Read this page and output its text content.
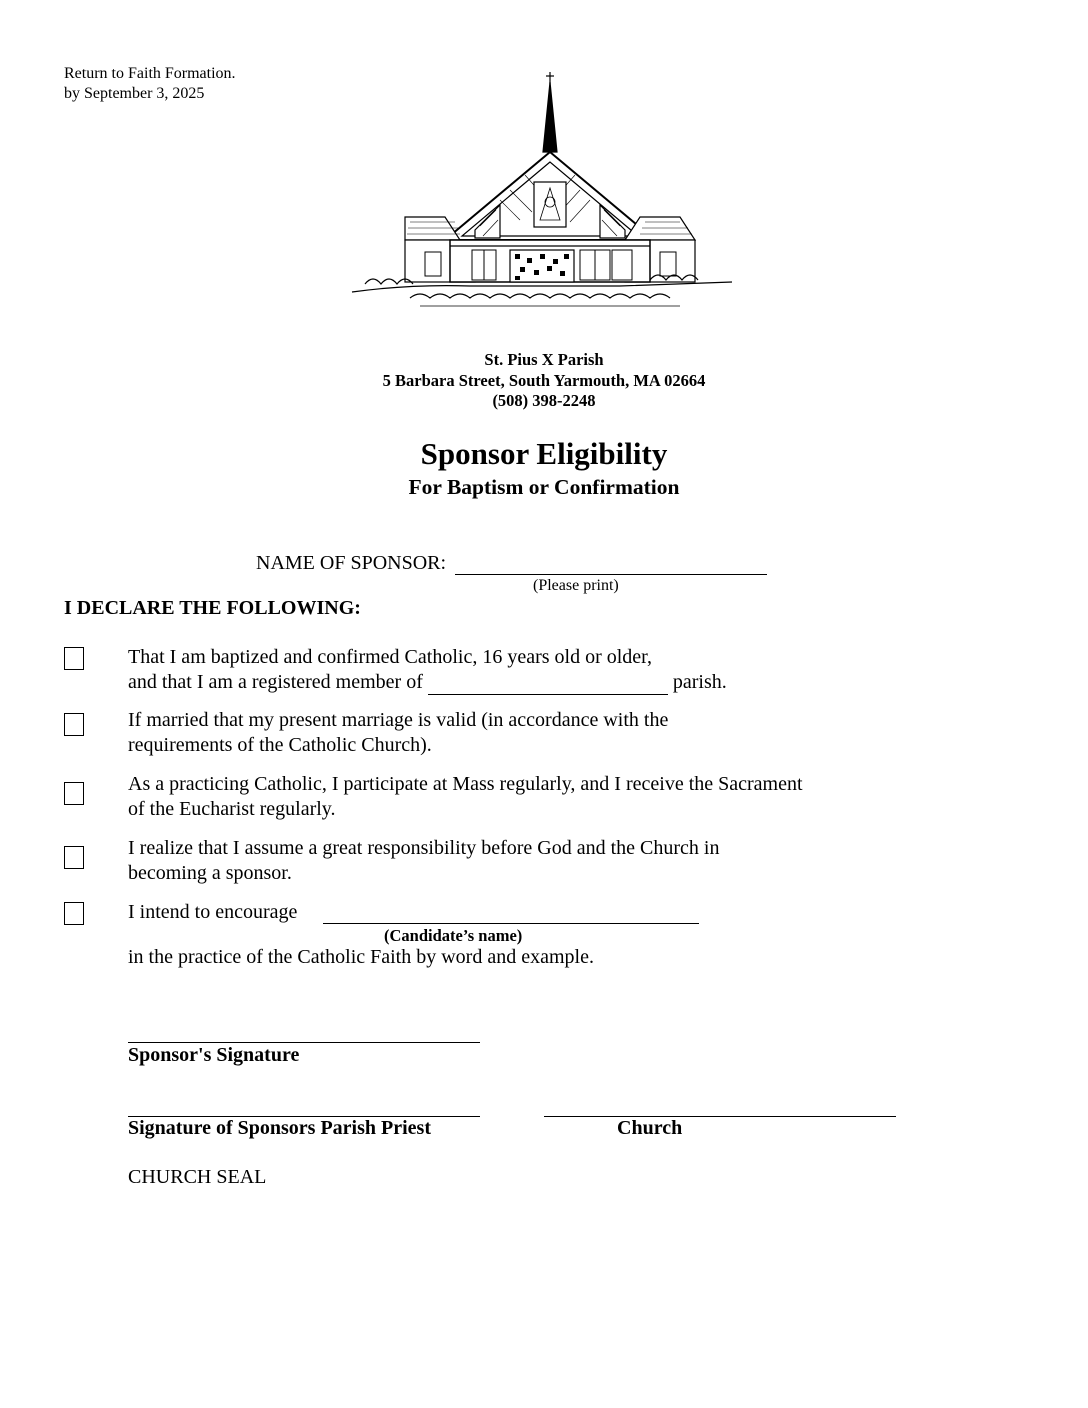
Return to Faith Formation.
by September 3, 2025
St. Pius X Parish
5 Barbara Street, South Yarmouth, MA 02664
(508) 398-2248
Sponsor Eligibility
For Baptism or Confirmation
NAME OF SPONSOR:
(Please print)
I DECLARE THE FOLLOWING:
That I am baptized and confirmed Catholic, 16 years old or older,
and that I am a registered member of	parish.
If married that my present marriage is valid (in accordance with the
requirements of the Catholic Church).
As a practicing Catholic, I participate at Mass regularly, and I receive the Sacrament
of the Eucharist regularly.
I realize that I assume a great responsibility before God and the Church in
becoming a sponsor.
I intend to encourage
(Candidate’s name)
in the practice of the Catholic Faith by word and example.
Sponsor's Signature
Signature of Sponsors Parish Priest	Church
CHURCH SEAL
